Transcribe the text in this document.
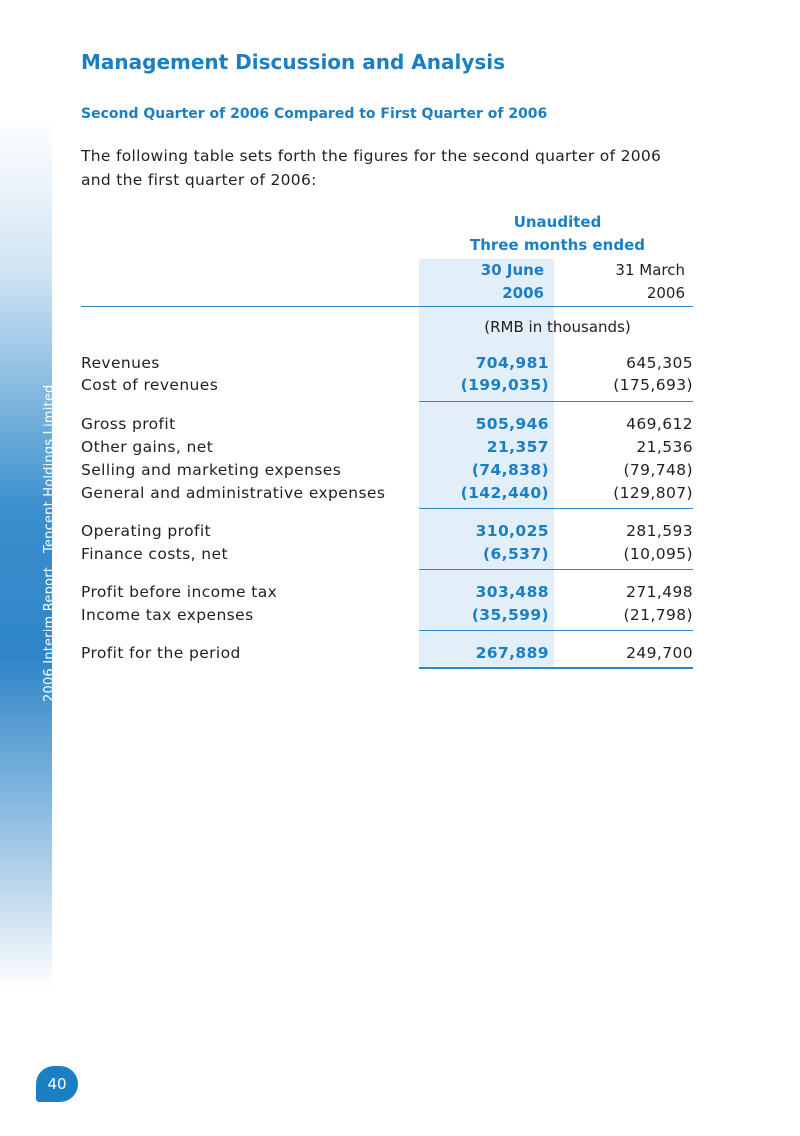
2006 Interim ReportTencent Holdings Limited
40
Management Discussion and Analysis
Second Quarter of 2006 Compared to First Quarter of 2006

The following table sets forth the figures for the second quarter of 2006 and the first quarter of 2006:

Unaudited
Three months ended
30 June
2006
31 March
2006
(RMB in thousands)
Revenues	704,981	645,305
Cost of revenues	(199,035)	(175,693)
Gross profit	505,946	469,612
Other gains, net	21,357	21,536
Selling and marketing expenses	(74,838)	(79,748)
General and administrative expenses	(142,440)	(129,807)
Operating profit	310,025	281,593
Finance costs, net	(6,537)	(10,095)
Profit before income tax	303,488	271,498
Income tax expenses	(35,599)	(21,798)
Profit for the period	267,889	249,700
